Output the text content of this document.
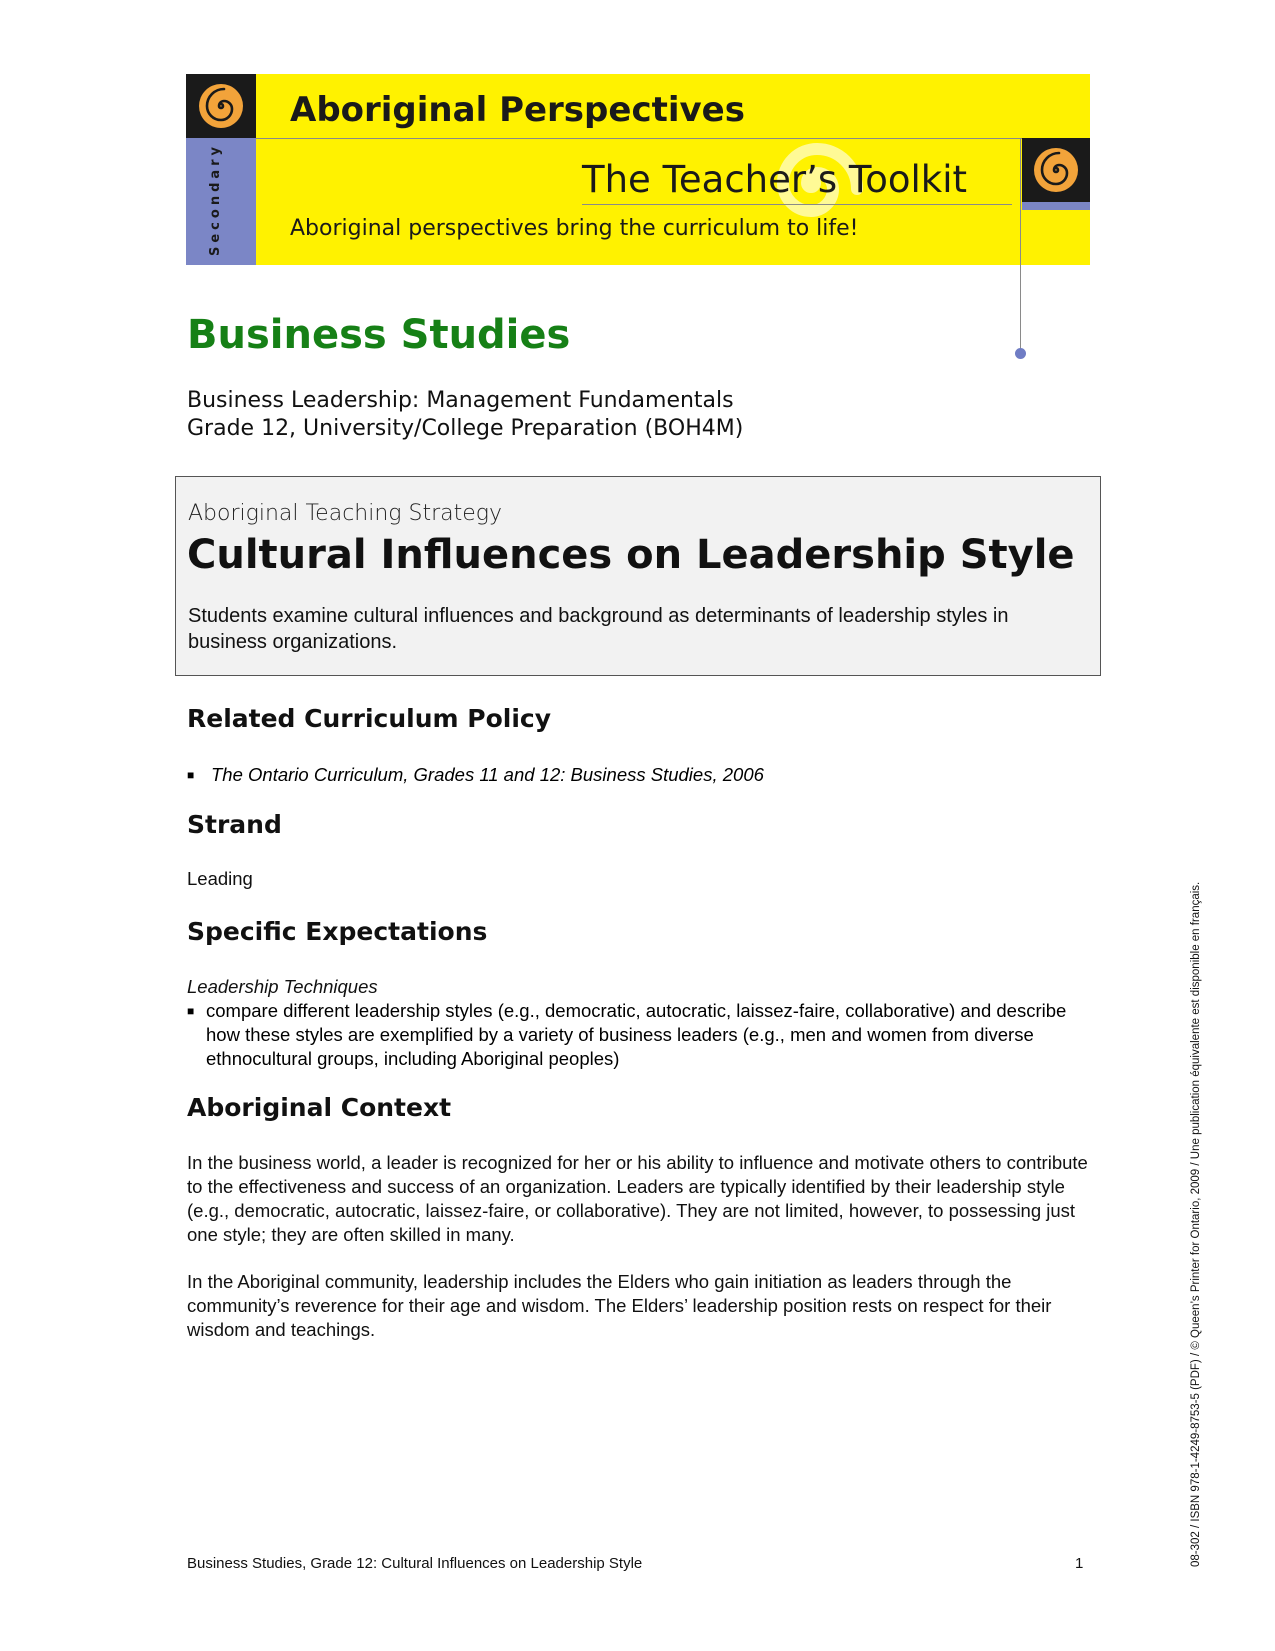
Secondary
Aboriginal Perspectives
The Teacher’s Toolkit
Aboriginal perspectives bring the curriculum to life!
Business Studies
Business Leadership: Management Fundamentals
Grade 12, University/College Preparation (BOH4M)
Aboriginal Teaching Strategy
Cultural Influences on Leadership Style
Students examine cultural influences and background as determinants of leadership styles in business organizations.
Related Curriculum Policy
■ The Ontario Curriculum, Grades 11 and 12: Business Studies, 2006
Strand
Leading
Specific Expectations
Leadership Techniques
■ compare different leadership styles (e.g., democratic, autocratic, laissez-faire, collaborative) and describe how these styles are exemplified by a variety of business leaders (e.g., men and women from diverse ethnocultural groups, including Aboriginal peoples)
Aboriginal Context
In the business world, a leader is recognized for her or his ability to influence and motivate others to contribute to the effectiveness and success of an organization. Leaders are typically identified by their leadership style (e.g., democratic, autocratic, laissez-faire, or collaborative). They are not limited, however, to possessing just one style; they are often skilled in many.
In the Aboriginal community, leadership includes the Elders who gain initiation as leaders through the community’s reverence for their age and wisdom. The Elders’ leadership position rests on respect for their wisdom and teachings.
Business Studies, Grade 12: Cultural Influences on Leadership Style	1	08-302 / ISBN 978-1-4249-8753-5 (PDF) / © Queen’s Printer for Ontario, 2009 / Une publication équivalente est disponible en français.
